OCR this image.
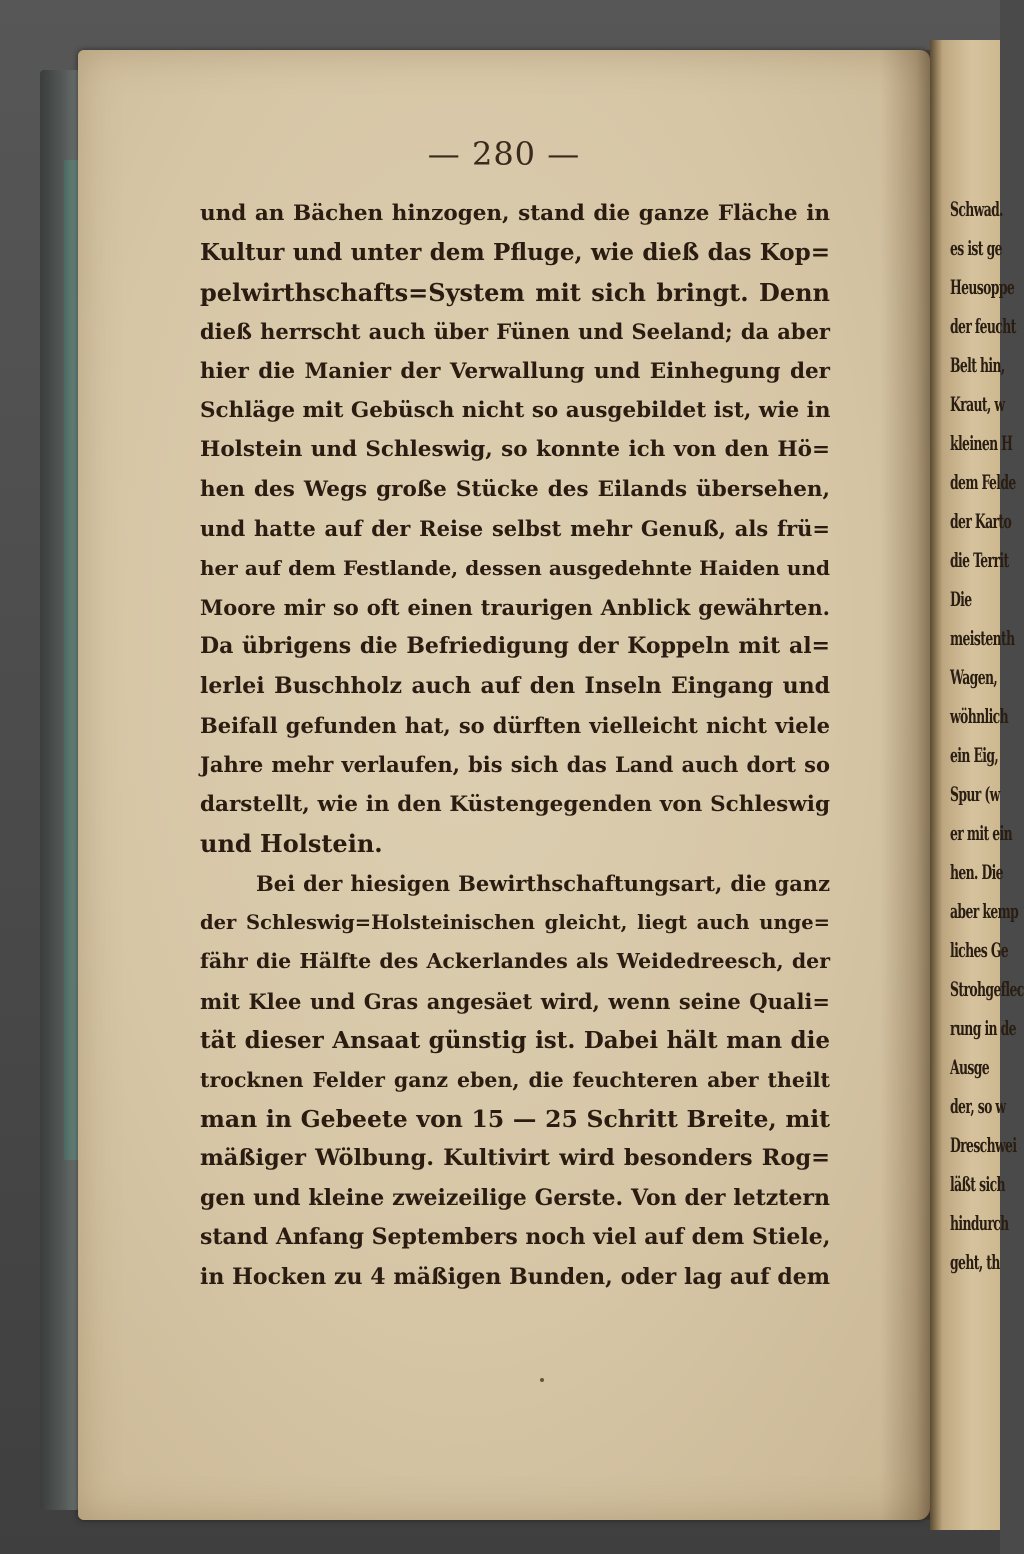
Schwad.
es ist ge
Heusoppe
der feucht
Belt hin,
Kraut, w
kleinen H
dem Felde
der Karto
die Territ
Die
meistenth
Wagen,
wöhnlich
ein Eig,
Spur (w
er mit ein
hen. Die
aber kemp
liches Ge
Strohgeflec
rung in de
Ausge
der, so w
Dreschwei
läßt sich
hindurch
geht, th
— 280 —
und an Bächen hinzogen, stand die ganze Fläche in
Kultur und unter dem Pfluge, wie dieß das Kop=
pelwirthschafts=System mit sich bringt. Denn
dieß herrscht auch über Fünen und Seeland; da aber
hier die Manier der Verwallung und Einhegung der
Schläge mit Gebüsch nicht so ausgebildet ist, wie in
Holstein und Schleswig, so konnte ich von den Hö=
hen des Wegs große Stücke des Eilands übersehen,
und hatte auf der Reise selbst mehr Genuß, als frü=
her auf dem Festlande, dessen ausgedehnte Haiden und
Moore mir so oft einen traurigen Anblick gewährten.
Da übrigens die Befriedigung der Koppeln mit al=
lerlei Buschholz auch auf den Inseln Eingang und
Beifall gefunden hat, so dürften vielleicht nicht viele
Jahre mehr verlaufen, bis sich das Land auch dort so
darstellt, wie in den Küstengegenden von Schleswig
und Holstein.
Bei der hiesigen Bewirthschaftungsart, die ganz
der Schleswig=Holsteinischen gleicht, liegt auch unge=
fähr die Hälfte des Ackerlandes als Weidedreesch, der
mit Klee und Gras angesäet wird, wenn seine Quali=
tät dieser Ansaat günstig ist. Dabei hält man die
trocknen Felder ganz eben, die feuchteren aber theilt
man in Gebeete von 15 — 25 Schritt Breite, mit
mäßiger Wölbung. Kultivirt wird besonders Rog=
gen und kleine zweizeilige Gerste. Von der letztern
stand Anfang Septembers noch viel auf dem Stiele,
in Hocken zu 4 mäßigen Bunden, oder lag auf dem
